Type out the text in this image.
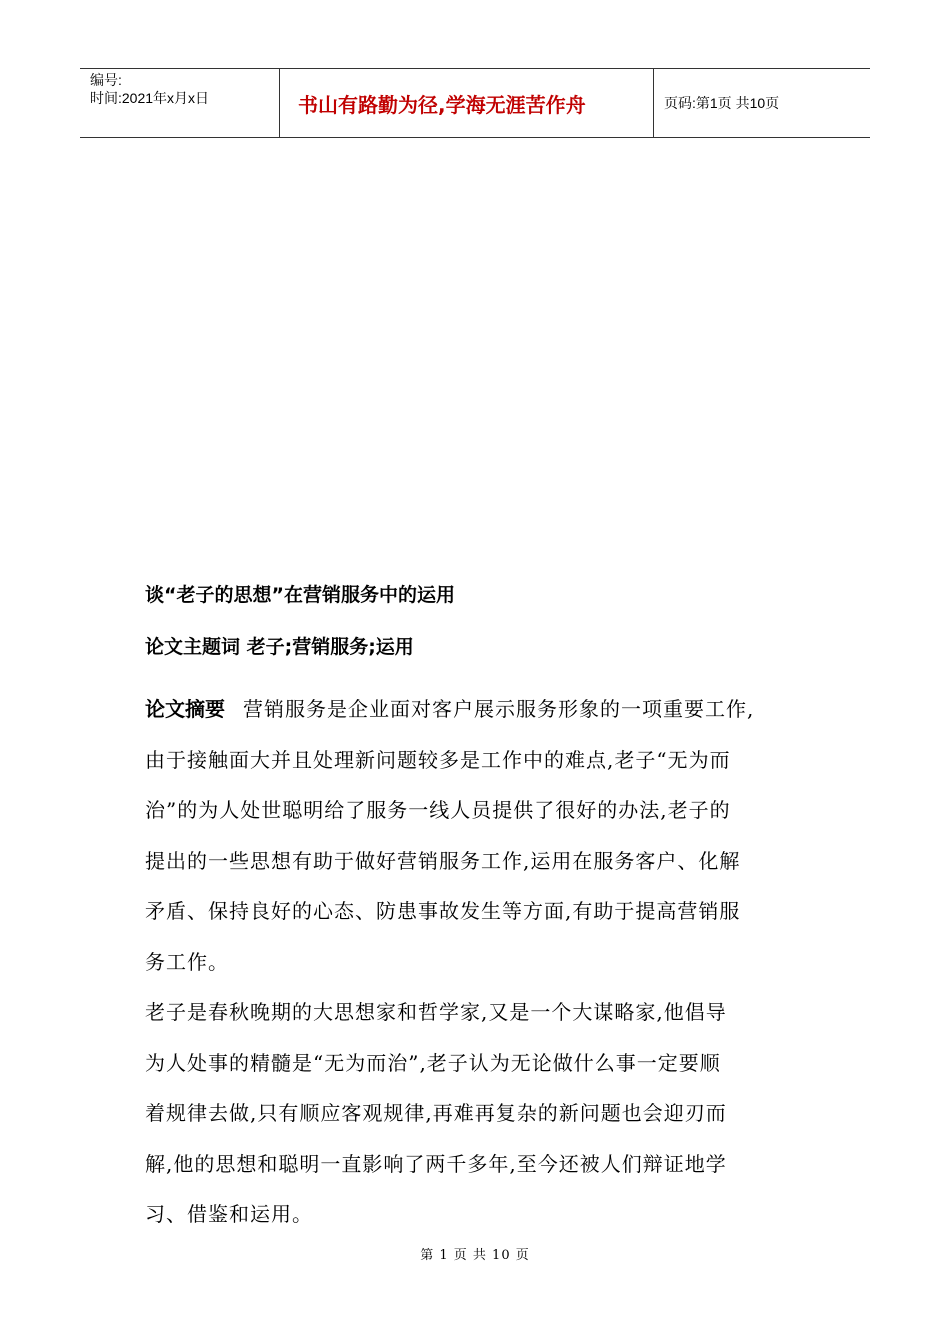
编号:
时间:2021年x月x日	书山有路勤为径,学海无涯苦作舟	页码:第1页 共10页
谈“老子的思想”在营销服务中的运用
论文主题词 老子;营销服务;运用
论文摘要 营销服务是企业面对客户展示服务形象的一项重要工作,
由于接触面大并且处理新问题较多是工作中的难点,老子“无为而
治”的为人处世聪明给了服务一线人员提供了很好的办法,老子的
提出的一些思想有助于做好营销服务工作,运用在服务客户、化解
矛盾、保持良好的心态、防患事故发生等方面,有助于提高营销服
务工作。
老子是春秋晚期的大思想家和哲学家,又是一个大谋略家,他倡导
为人处事的精髓是“无为而治”,老子认为无论做什么事一定要顺
着规律去做,只有顺应客观规律,再难再复杂的新问题也会迎刃而
解,他的思想和聪明一直影响了两千多年,至今还被人们辩证地学
习、借鉴和运用。
第 1 页 共 10 页
